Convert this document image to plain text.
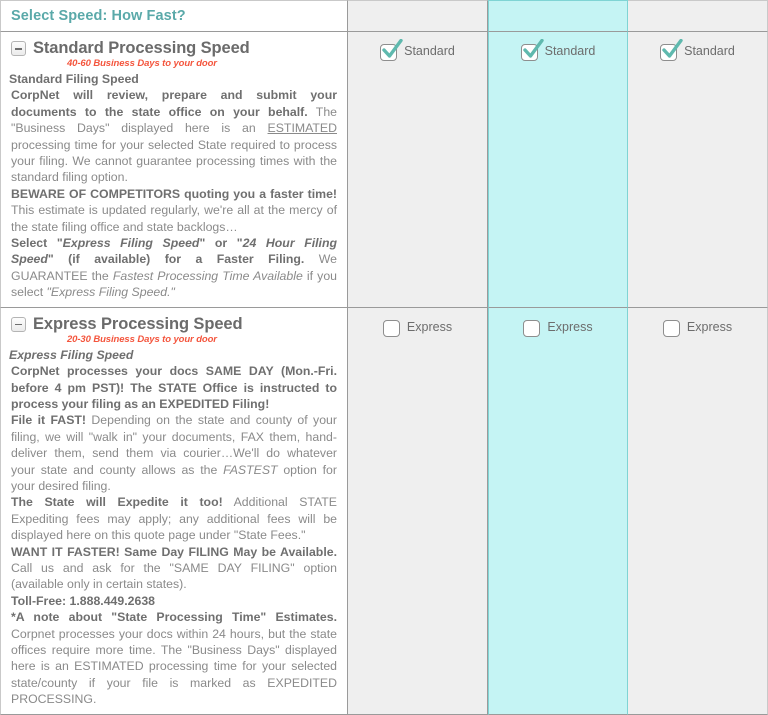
Select Speed: How Fast?
Standard Processing Speed
40-60 Business Days to your door
Standard Filing Speed

CorpNet will review, prepare and submit your documents to the state office on your behalf. The "Business Days" displayed here is an ESTIMATED processing time for your selected State required to process your filing. We cannot guarantee processing times with the standard filing option.

BEWARE OF COMPETITORS quoting you a faster time! This estimate is updated regularly, we're all at the mercy of the state filing office and state backlogs…

Select "Express Filing Speed" or "24 Hour Filing Speed" (if available) for a Faster Filing. We GUARANTEE the Fastest Processing Time Available if you select "Express Filing Speed."

Standard	Standard	Standard
Express Processing Speed
20-30 Business Days to your door
Express Filing Speed

CorpNet processes your docs SAME DAY (Mon.-Fri. before 4 pm PST)! The STATE Office is instructed to process your filing as an EXPEDITED Filing!

File it FAST! Depending on the state and county of your filing, we will "walk in" your documents, FAX them, hand-deliver them, send them via courier…We'll do whatever your state and county allows as the FASTEST option for your desired filing.

The State will Expedite it too! Additional STATE Expediting fees may apply; any additional fees will be displayed here on this quote page under "State Fees."

WANT IT FASTER! Same Day FILING May be Available. Call us and ask for the "SAME DAY FILING" option (available only in certain states).

Toll-Free: 1.888.449.2638

*A note about "State Processing Time" Estimates. Corpnet processes your docs within 24 hours, but the state offices require more time. The "Business Days" displayed here is an ESTIMATED processing time for your selected state/county if your file is marked as EXPEDITED PROCESSING.

Express	Express	Express
